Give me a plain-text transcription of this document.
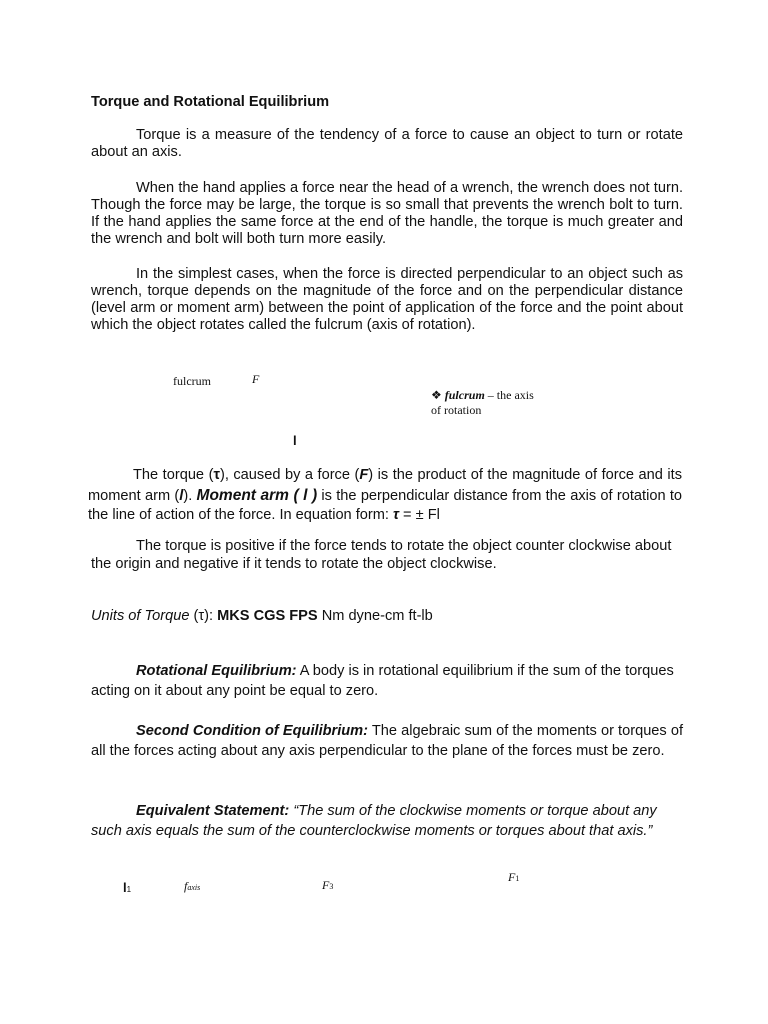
Torque and Rotational Equilibrium

Torque is a measure of the tendency of a force to cause an object to turn or rotate about an axis.

When the hand applies a force near the head of a wrench, the wrench does not turn. Though the force may be large, the torque is so small that prevents the wrench bolt to turn. If the hand applies the same force at the end of the handle, the torque is much greater and the wrench and bolt will both turn more easily.

In the simplest cases, when the force is directed perpendicular to an object such as wrench, torque depends on the magnitude of the force and on the perpendicular distance (level arm or moment arm) between the point of application of the force and the point about which the object rotates called the fulcrum (axis of rotation).

fulcrum	F
❖ fulcrum – the axis
of rotation
l

The torque (τ), caused by a force (F) is the product of the magnitude of force and its moment arm (l). Moment arm ( l ) is the perpendicular distance from the axis of rotation to the line of action of the force. In equation form: τ = ± Fl

The torque is positive if the force tends to rotate the object counter clockwise about the origin and negative if it tends to rotate the object clockwise.

Units of Torque (τ): MKS CGS FPS Nm dyne-cm ft-lb

Rotational Equilibrium: A body is in rotational equilibrium if the sum of the torques acting on it about any point be equal to zero.

Second Condition of Equilibrium: The algebraic sum of the moments or torques of all the forces acting about any axis perpendicular to the plane of the forces must be zero.

Equivalent Statement: “The sum of the clockwise moments or torque about any such axis equals the sum of the counterclockwise moments or torques about that axis.”

l1	faxis	F3
F1
